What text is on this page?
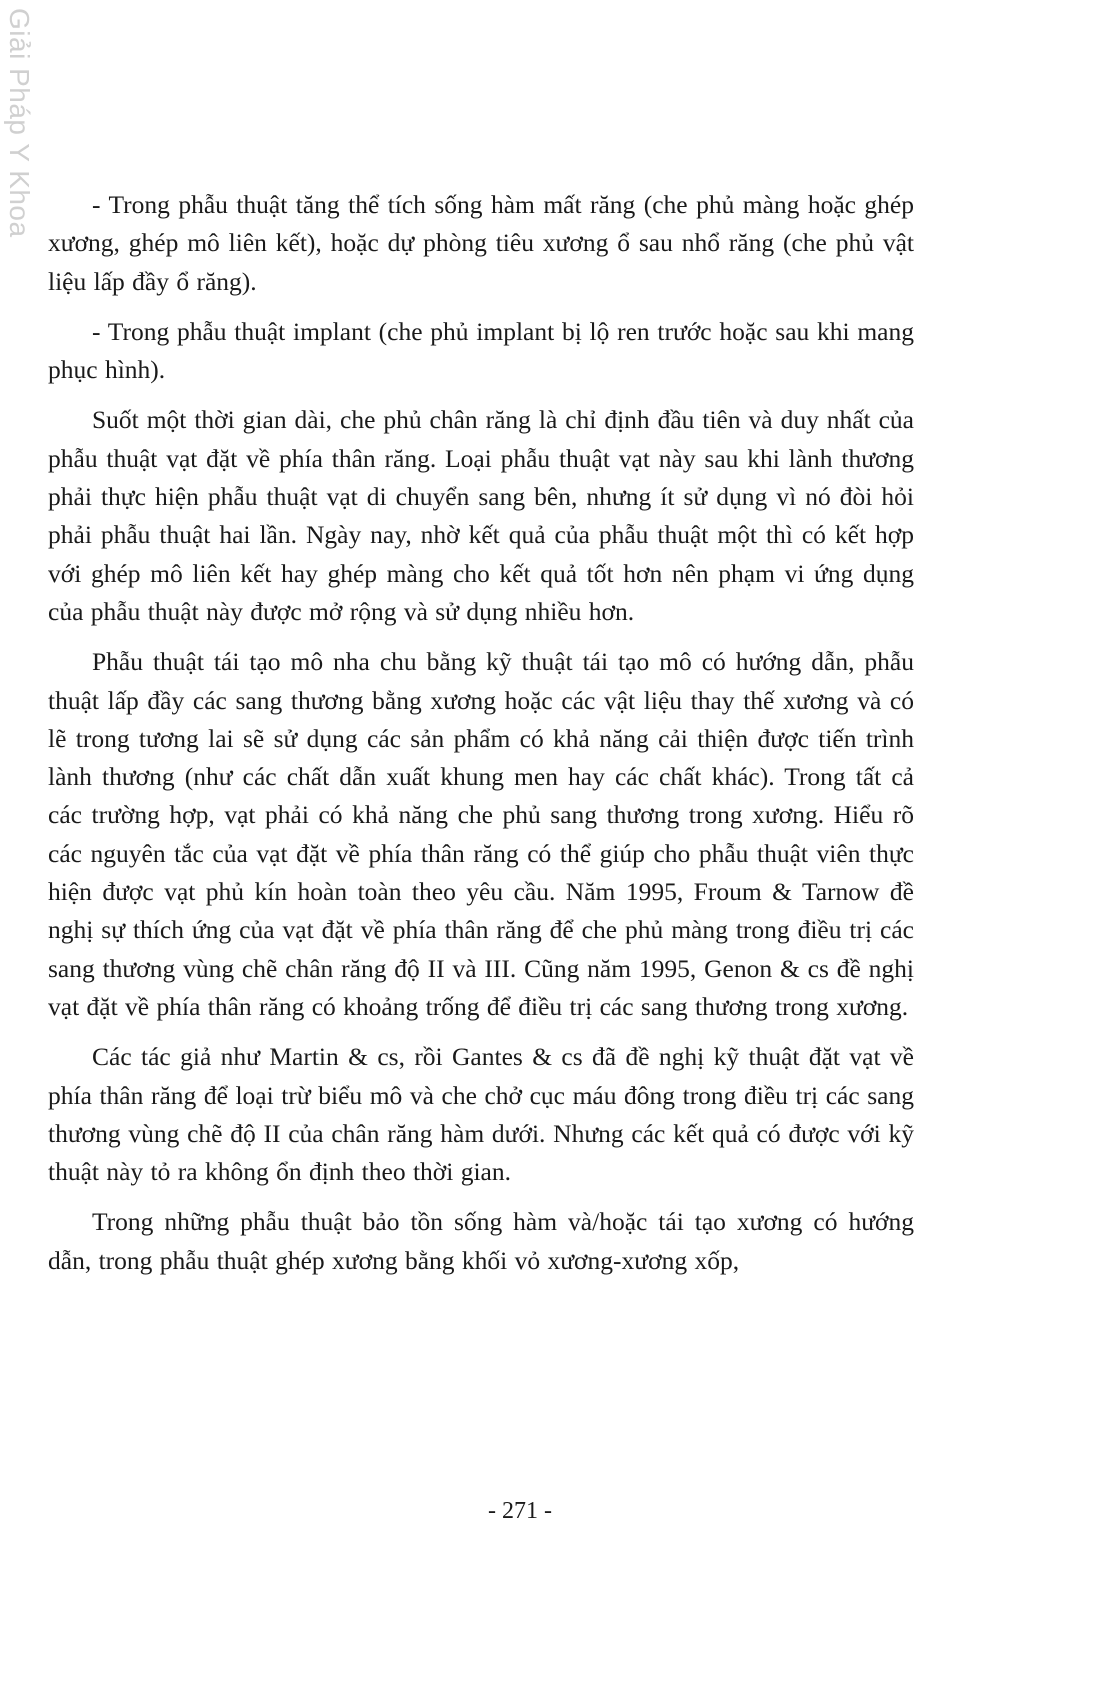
Giải Pháp Y Khoa	- Trong phẫu thuật tăng thể tích sống hàm mất răng (che phủ màng hoặc ghép xương, ghép mô liên kết), hoặc dự phòng tiêu xương ổ sau nhổ răng (che phủ vật liệu lấp đầy ổ răng).

- Trong phẫu thuật implant (che phủ implant bị lộ ren trước hoặc sau khi mang phục hình).

Suốt một thời gian dài, che phủ chân răng là chỉ định đầu tiên và duy nhất của phẫu thuật vạt đặt về phía thân răng. Loại phẫu thuật vạt này sau khi lành thương phải thực hiện phẫu thuật vạt di chuyển sang bên, nhưng ít sử dụng vì nó đòi hỏi phải phẫu thuật hai lần. Ngày nay, nhờ kết quả của phẫu thuật một thì có kết hợp với ghép mô liên kết hay ghép màng cho kết quả tốt hơn nên phạm vi ứng dụng của phẫu thuật này được mở rộng và sử dụng nhiều hơn.

Phẫu thuật tái tạo mô nha chu bằng kỹ thuật tái tạo mô có hướng dẫn, phẫu thuật lấp đầy các sang thương bằng xương hoặc các vật liệu thay thế xương và có lẽ trong tương lai sẽ sử dụng các sản phẩm có khả năng cải thiện được tiến trình lành thương (như các chất dẫn xuất khung men hay các chất khác). Trong tất cả các trường hợp, vạt phải có khả năng che phủ sang thương trong xương. Hiểu rõ các nguyên tắc của vạt đặt về phía thân răng có thể giúp cho phẫu thuật viên thực hiện được vạt phủ kín hoàn toàn theo yêu cầu. Năm 1995, Froum & Tarnow đề nghị sự thích ứng của vạt đặt về phía thân răng để che phủ màng trong điều trị các sang thương vùng chẽ chân răng độ II và III. Cũng năm 1995, Genon & cs đề nghị vạt đặt về phía thân răng có khoảng trống để điều trị các sang thương trong xương.

Các tác giả như Martin & cs, rồi Gantes & cs đã đề nghị kỹ thuật đặt vạt về phía thân răng để loại trừ biểu mô và che chở cục máu đông trong điều trị các sang thương vùng chẽ độ II của chân răng hàm dưới. Nhưng các kết quả có được với kỹ thuật này tỏ ra không ổn định theo thời gian.

Trong những phẫu thuật bảo tồn sống hàm và/hoặc tái tạo xương có hướng dẫn, trong phẫu thuật ghép xương bằng khối vỏ xương-xương xốp,

- 271 -
